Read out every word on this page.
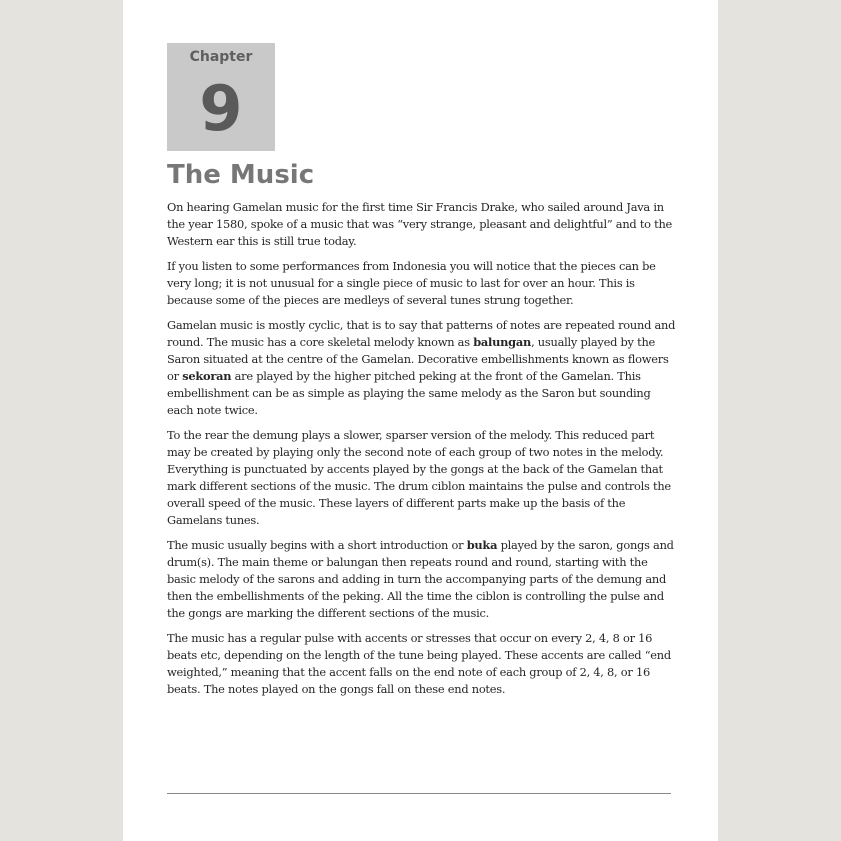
Chapter
9
The Music

On hearing Gamelan music for the first time Sir Francis Drake, who sailed around Java in the year 1580, spoke of a music that was “very strange, pleasant and delightful” and to the Western ear this is still true today.

If you listen to some performances from Indonesia you will notice that the pieces can be very long; it is not unusual for a single piece of music to last for over an hour. This is because some of the pieces are medleys of several tunes strung together.

Gamelan music is mostly cyclic, that is to say that patterns of notes are repeated round and round. The music has a core skeletal melody known as balungan, usually played by the Saron situated at the centre of the Gamelan. Decorative embellishments known as flowers or sekoran are played by the higher pitched peking at the front of the Gamelan. This embellishment can be as simple as playing the same melody as the Saron but sounding each note twice.

To the rear the demung plays a slower, sparser version of the melody. This reduced part may be created by playing only the second note of each group of two notes in the melody. Everything is punctuated by accents played by the gongs at the back of the Gamelan that mark different sections of the music. The drum ciblon maintains the pulse and controls the overall speed of the music. These layers of different parts make up the basis of the Gamelans tunes.

The music usually begins with a short introduction or buka played by the saron, gongs and drum(s). The main theme or balungan then repeats round and round, starting with the basic melody of the sarons and adding in turn the accompanying parts of the demung and then the embellishments of the peking. All the time the ciblon is controlling the pulse and the gongs are marking the different sections of the music.

The music has a regular pulse with accents or stresses that occur on every 2, 4, 8 or 16 beats etc, depending on the length of the tune being played. These accents are called “end weighted,” meaning that the accent falls on the end note of each group of 2, 4, 8, or 16 beats. The notes played on the gongs fall on these end notes.
